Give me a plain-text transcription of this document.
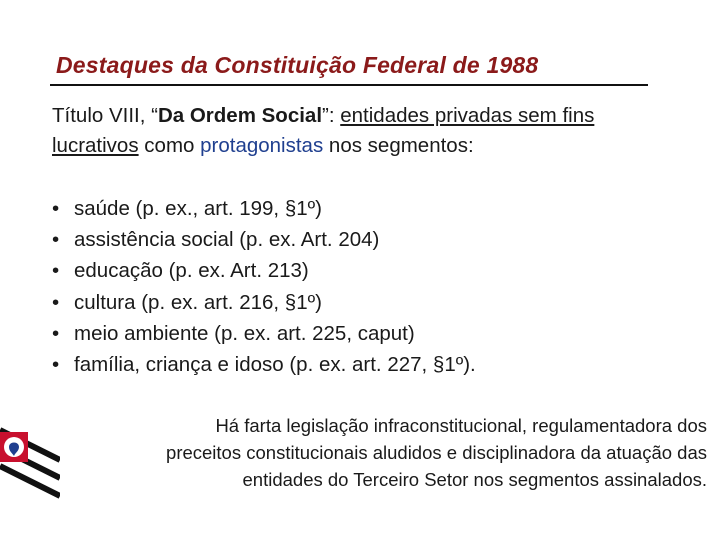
Destaques da Constituição Federal de 1988
Título VIII, “Da Ordem Social”: entidades privadas sem fins lucrativos como protagonistas nos segmentos:
• saúde (p. ex., art. 199, §1º)
• assistência social (p. ex. Art. 204)
• educação (p. ex. Art. 213)
• cultura (p. ex. art. 216, §1º)
• meio ambiente (p. ex. art. 225, caput)
• família, criança e idoso (p. ex. art. 227, §1º).
Há farta legislação infraconstitucional, regulamentadora dos
preceitos constitucionais aludidos e disciplinadora da atuação das
entidades do Terceiro Setor nos segmentos assinalados.
